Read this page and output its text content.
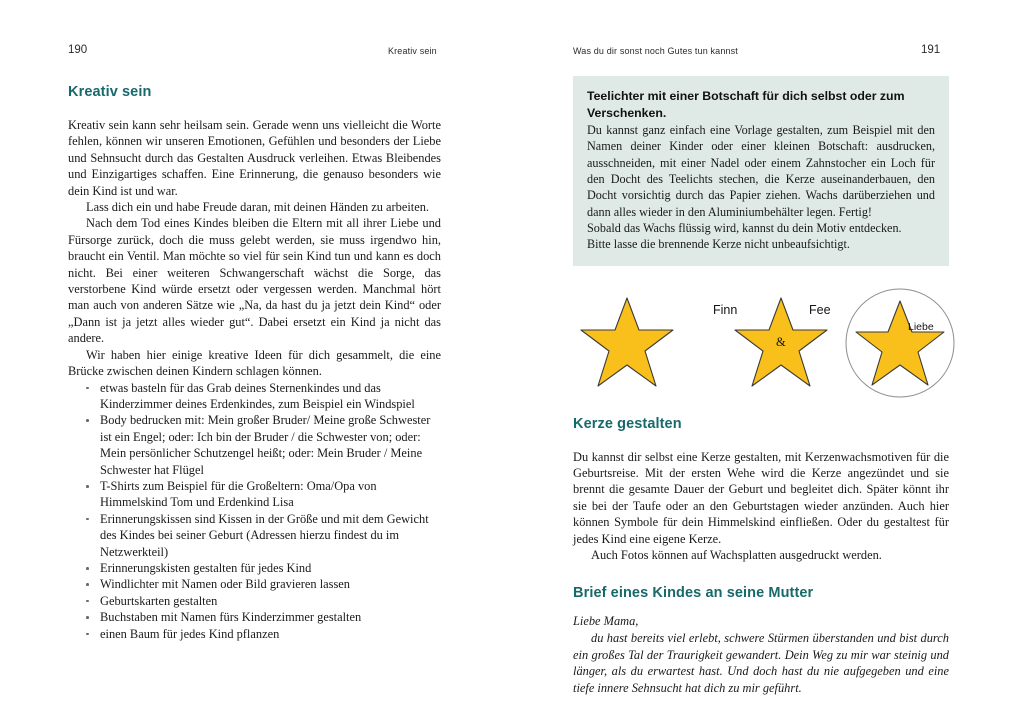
190	Kreativ sein
Kreativ sein

Kreativ sein kann sehr heilsam sein. Gerade wenn uns vielleicht die Worte fehlen, können wir unseren Emotionen, Gefühlen und besonders der Liebe und Sehnsucht durch das Gestalten Ausdruck verleihen. Etwas Bleibendes und Einzigartiges schaffen. Eine Erinnerung, die genauso besonders wie dein Kind ist und war.

Lass dich ein und habe Freude daran, mit deinen Händen zu arbeiten.

Nach dem Tod eines Kindes bleiben die Eltern mit all ihrer Liebe und Fürsorge zurück, doch die muss gelebt werden, sie muss irgendwo hin, braucht ein Ventil. Man möchte so viel für sein Kind tun und kann es doch nicht. Bei einer weiteren Schwangerschaft wächst die Sorge, das verstorbene Kind würde ersetzt oder vergessen werden. Manchmal hört man auch von anderen Sätze wie „Na, da hast du ja jetzt dein Kind“ oder „Dann ist ja jetzt alles wieder gut“. Dabei ersetzt ein Kind ja nicht das andere.

Wir haben hier einige kreative Ideen für dich gesammelt, die eine Brücke zwischen deinen Kindern schlagen können.

etwas basteln für das Grab deines Sternenkindes und das Kinderzimmer deines Erdenkindes, zum Beispiel ein Windspiel
Body bedrucken mit: Mein großer Bruder/ Meine große Schwester ist ein Engel; oder: Ich bin der Bruder / die Schwester von; oder: Mein persönlicher Schutzengel heißt; oder: Mein Bruder / Meine Schwester hat Flügel
T-Shirts zum Beispiel für die Großeltern: Oma/Opa von Himmelskind Tom und Erdenkind Lisa
Erinnerungskissen sind Kissen in der Größe und mit dem Gewicht des Kindes bei seiner Geburt (Adressen hierzu findest du im Netzwerkteil)
Erinnerungskisten gestalten für jedes Kind
Windlichter mit Namen oder Bild gravieren lassen
Geburtskarten gestalten
Buchstaben mit Namen fürs Kinderzimmer gestalten
einen Baum für jedes Kind pflanzen
Was du dir sonst noch Gutes tun kannst	191

Teelichter mit einer Botschaft für dich selbst oder zum Verschenken.

Du kannst ganz einfach eine Vorlage gestalten, zum Beispiel mit den Namen deiner Kinder oder einer kleinen Botschaft: ausdrucken, ausschneiden, mit einer Nadel oder einem Zahnstocher ein Loch für den Docht des Teelichts stechen, die Kerze auseinanderbauen, den Docht vorsichtig durch das Papier ziehen. Wachs darüberziehen und dann alles wieder in den Aluminiumbehälter legen. Fertig!

Sobald das Wachs flüssig wird, kannst du dein Motiv entdecken.

Bitte lasse die brennende Kerze nicht unbeaufsichtigt.

Finn	Fee
&
Liebe
Kerze gestalten

Du kannst dir selbst eine Kerze gestalten, mit Kerzenwachsmotiven für die Geburtsreise. Mit der ersten Wehe wird die Kerze angezündet und sie brennt die gesamte Dauer der Geburt und begleitet dich. Später könnt ihr sie bei der Taufe oder an den Geburtstagen wieder anzünden. Auch hier können Symbole für dein Himmelskind einfließen. Oder du gestaltest für jedes Kind eine eigene Kerze.

Auch Fotos können auf Wachsplatten ausgedruckt werden.

Brief eines Kindes an seine Mutter

Liebe Mama,

du hast bereits viel erlebt, schwere Stürmen überstanden und bist durch ein großes Tal der Traurigkeit gewandert. Dein Weg zu mir war steinig und länger, als du erwartest hast. Und doch hast du nie aufgegeben und eine tiefe innere Sehnsucht hat dich zu mir geführt.
